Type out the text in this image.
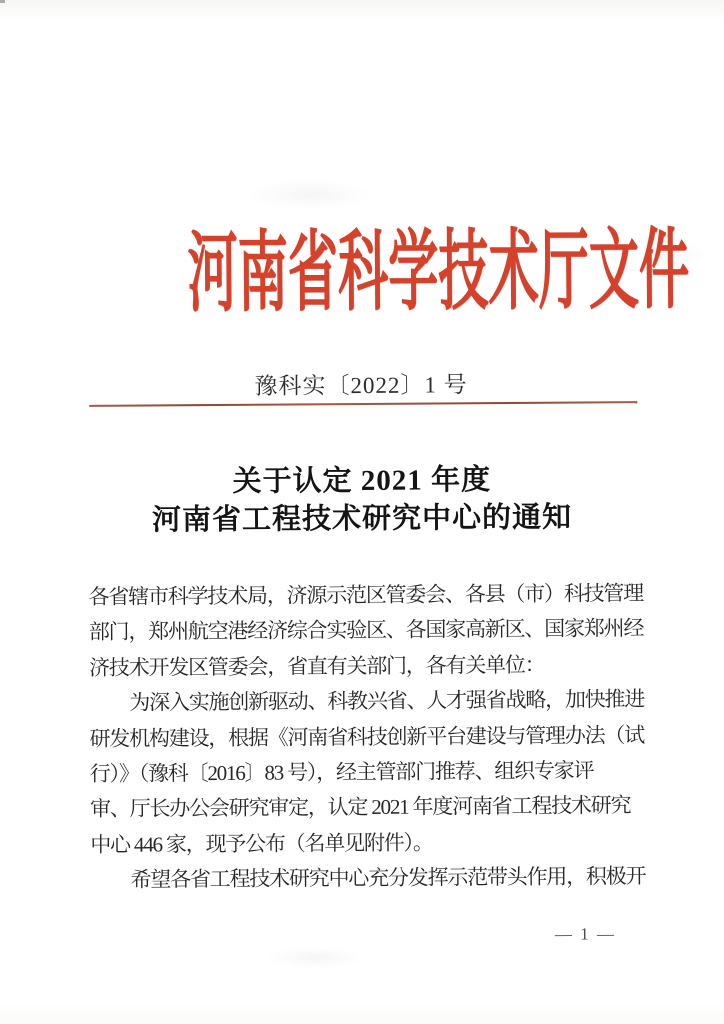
河南省科学技术厅文件
豫科实〔2022〕1 号
关于认定 2021 年度
河南省工程技术研究中心的通知
各省辖市科学技术局，济源示范区管委会、各县（市）科技管理
部门，郑州航空港经济综合实验区、各国家高新区、国家郑州经
济技术开发区管委会，省直有关部门，各有关单位：
为深入实施创新驱动、科教兴省、人才强省战略，加快推进
研发机构建设，根据《河南省科技创新平台建设与管理办法（试
行）》（豫科〔2016〕83 号），经主管部门推荐、组织专家评
审、厅长办公会研究审定，认定 2021 年度河南省工程技术研究
中心 446 家，现予公布（名单见附件）。
希望各省工程技术研究中心充分发挥示范带头作用，积极开
— 1 —
